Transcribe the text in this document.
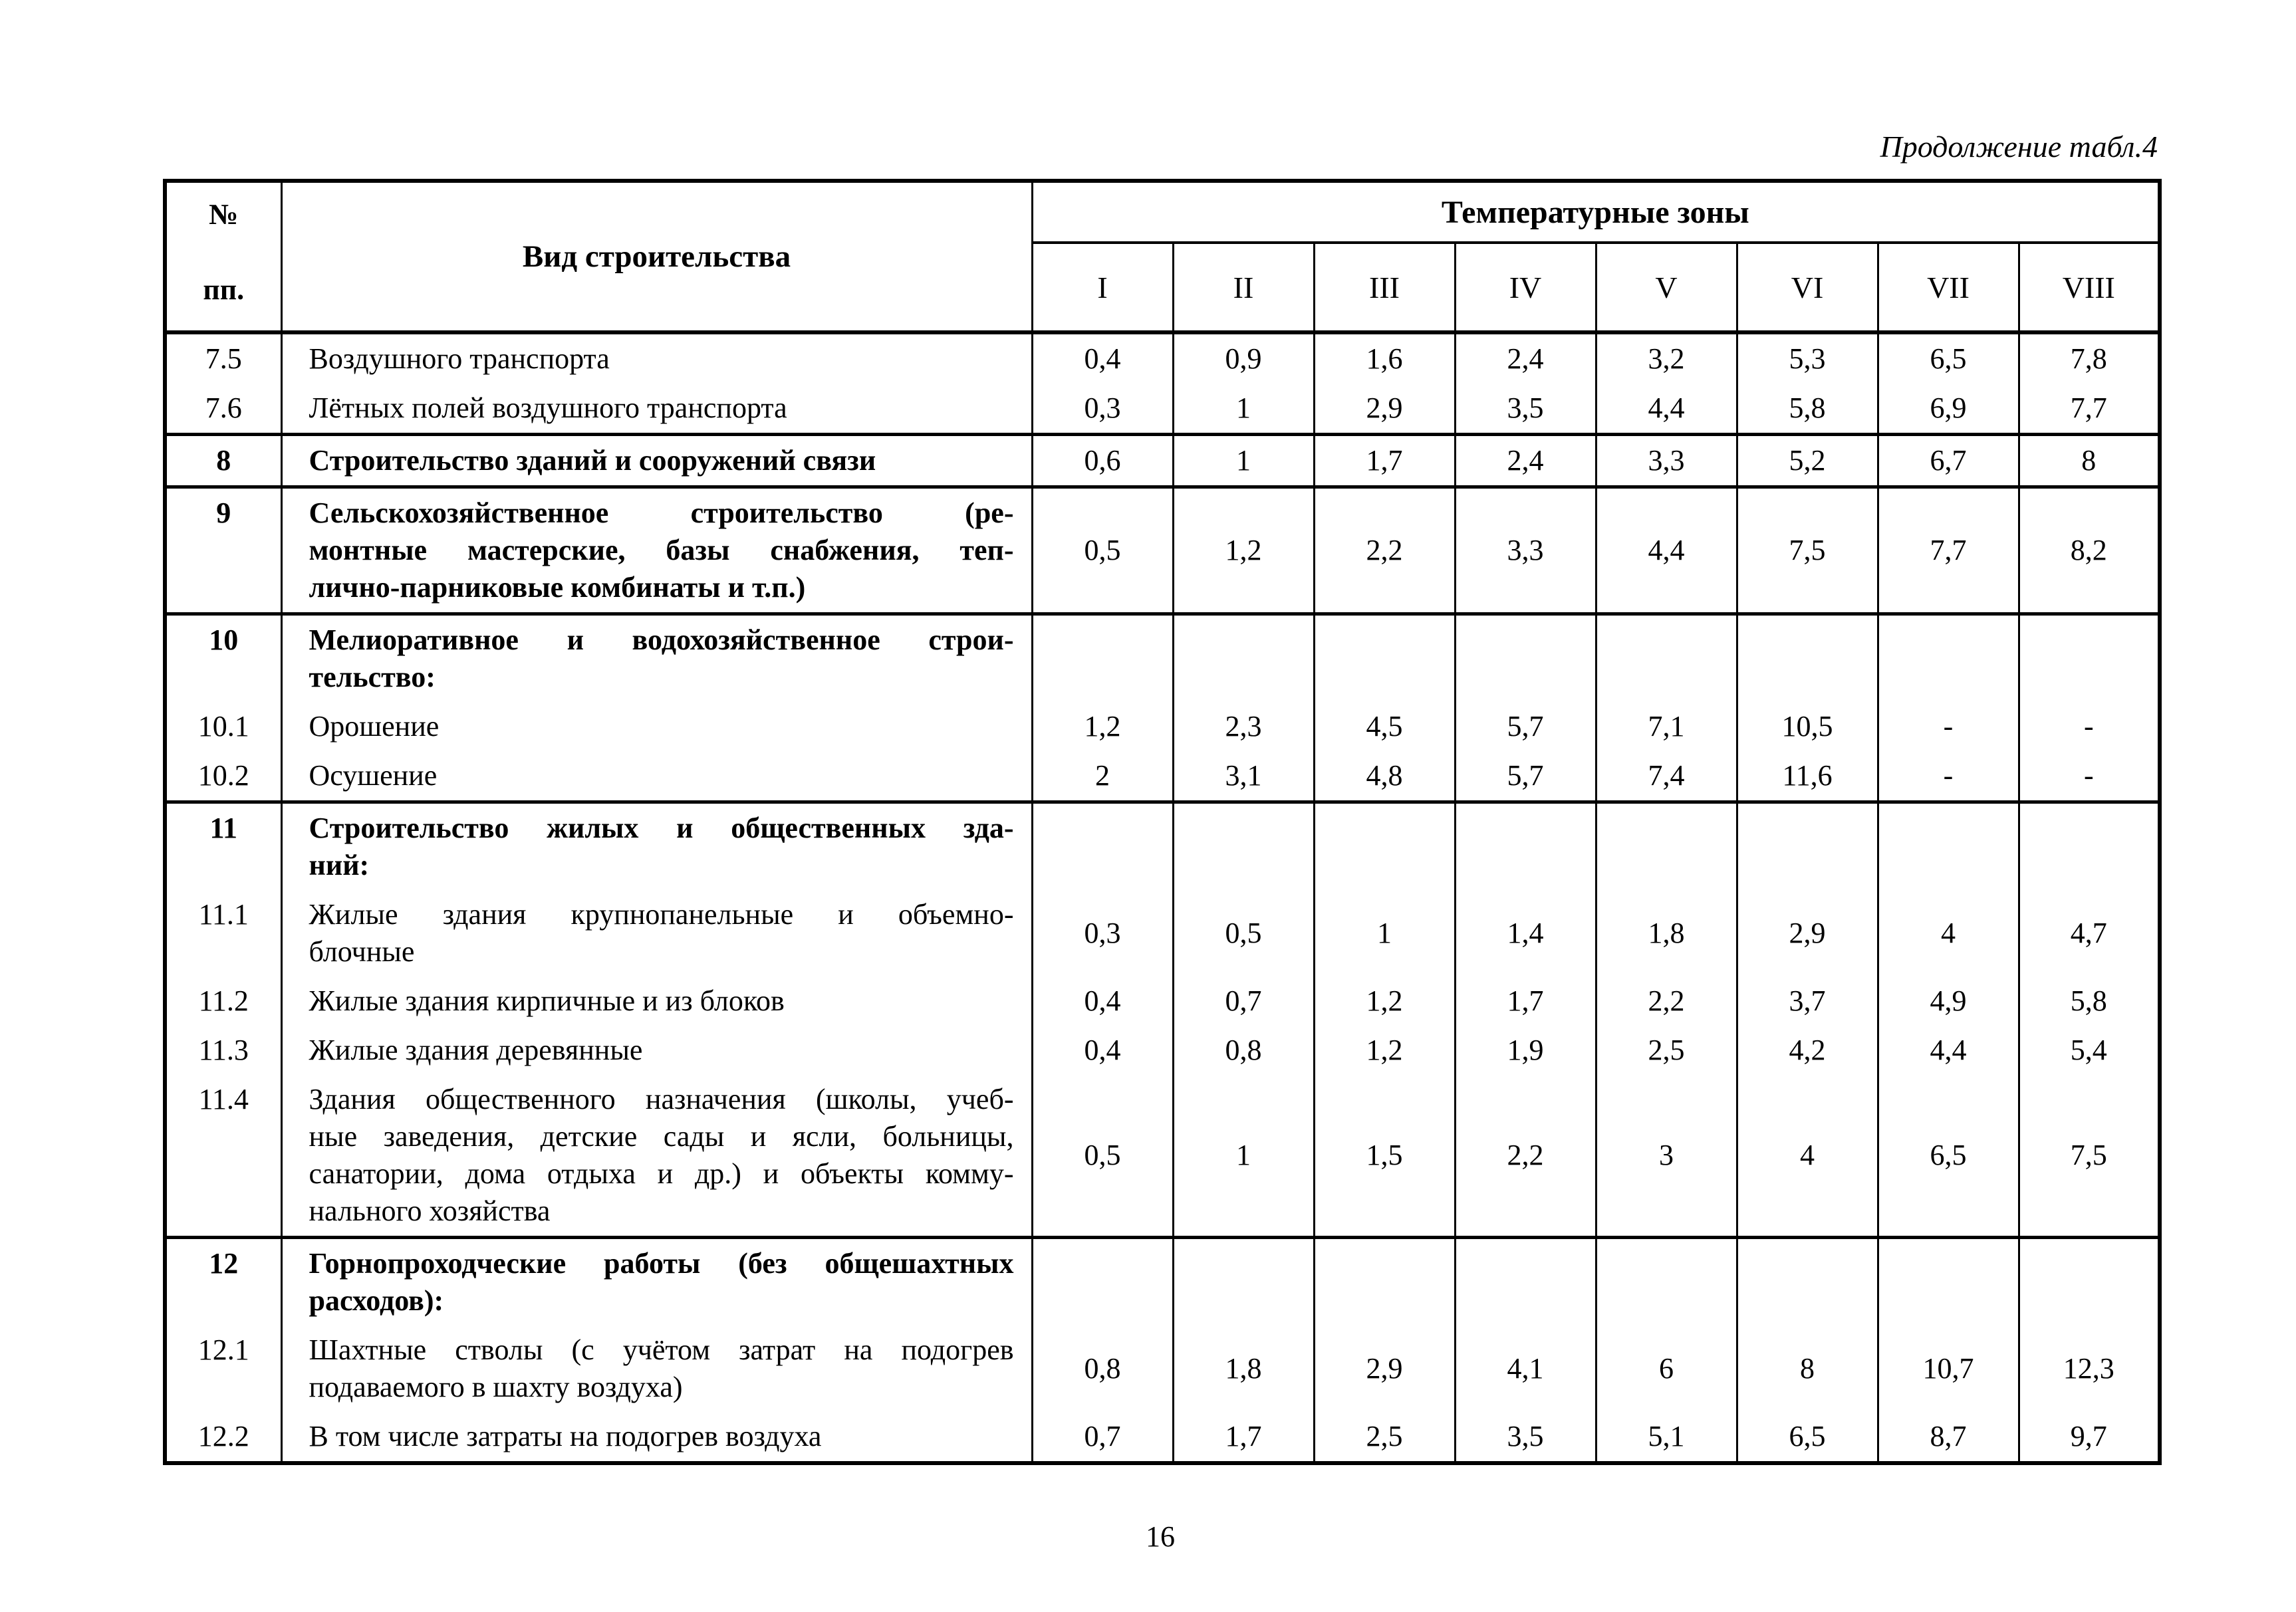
Продолжение табл.4
№
пп.	Вид строительства	Температурные зоны							
		I	II	III	IV	V	VI	VII	VIII
7.5	Воздушного транспорта	0,4	0,9	1,6	2,4	3,2	5,3	6,5	7,8
7.6	Лётных полей воздушного транспорта	0,3	1	2,9	3,5	4,4	5,8	6,9	7,7
8	Строительство зданий и сооружений связи	0,6	1	1,7	2,4	3,3	5,2	6,7	8
9	Сельскохозяйственное строительство (ре-
монтные мастерские, базы снабжения, теп-
лично-парниковые комбинаты и т.п.)	0,5	1,2	2,2	3,3	4,4	7,5	7,7	8,2
10	Мелиоративное и водохозяйственное строи-
тельство:								

10.1	Орошение	1,2	2,3	4,5	5,7	7,1	10,5	-	-
10.2	Осушение	2	3,1	4,8	5,7	7,4	11,6	-	-
11	Строительство жилых и общественных зда-
ний:								

11.1	Жилые здания крупнопанельные и объемно-
блочные	0,3	0,5	1	1,4	1,8	2,9	4	4,7
11.2	Жилые здания кирпичные и из блоков	0,4	0,7	1,2	1,7	2,2	3,7	4,9	5,8
11.3	Жилые здания деревянные	0,4	0,8	1,2	1,9	2,5	4,2	4,4	5,4
11.4	Здания общественного назначения (школы, учеб-
ные заведения, детские сады и ясли, больницы,
санатории, дома отдыха и др.) и объекты комму-
нального хозяйства	0,5	1	1,5	2,2	3	4	6,5	7,5
12	Горнопроходческие работы (без общешахтных
расходов):								

12.1	Шахтные стволы (с учётом затрат на подогрев
подаваемого в шахту воздуха)	0,8	1,8	2,9	4,1	6	8	10,7	12,3
12.2	В том числе затраты на подогрев воздуха	0,7	1,7	2,5	3,5	5,1	6,5	8,7	9,7
16
